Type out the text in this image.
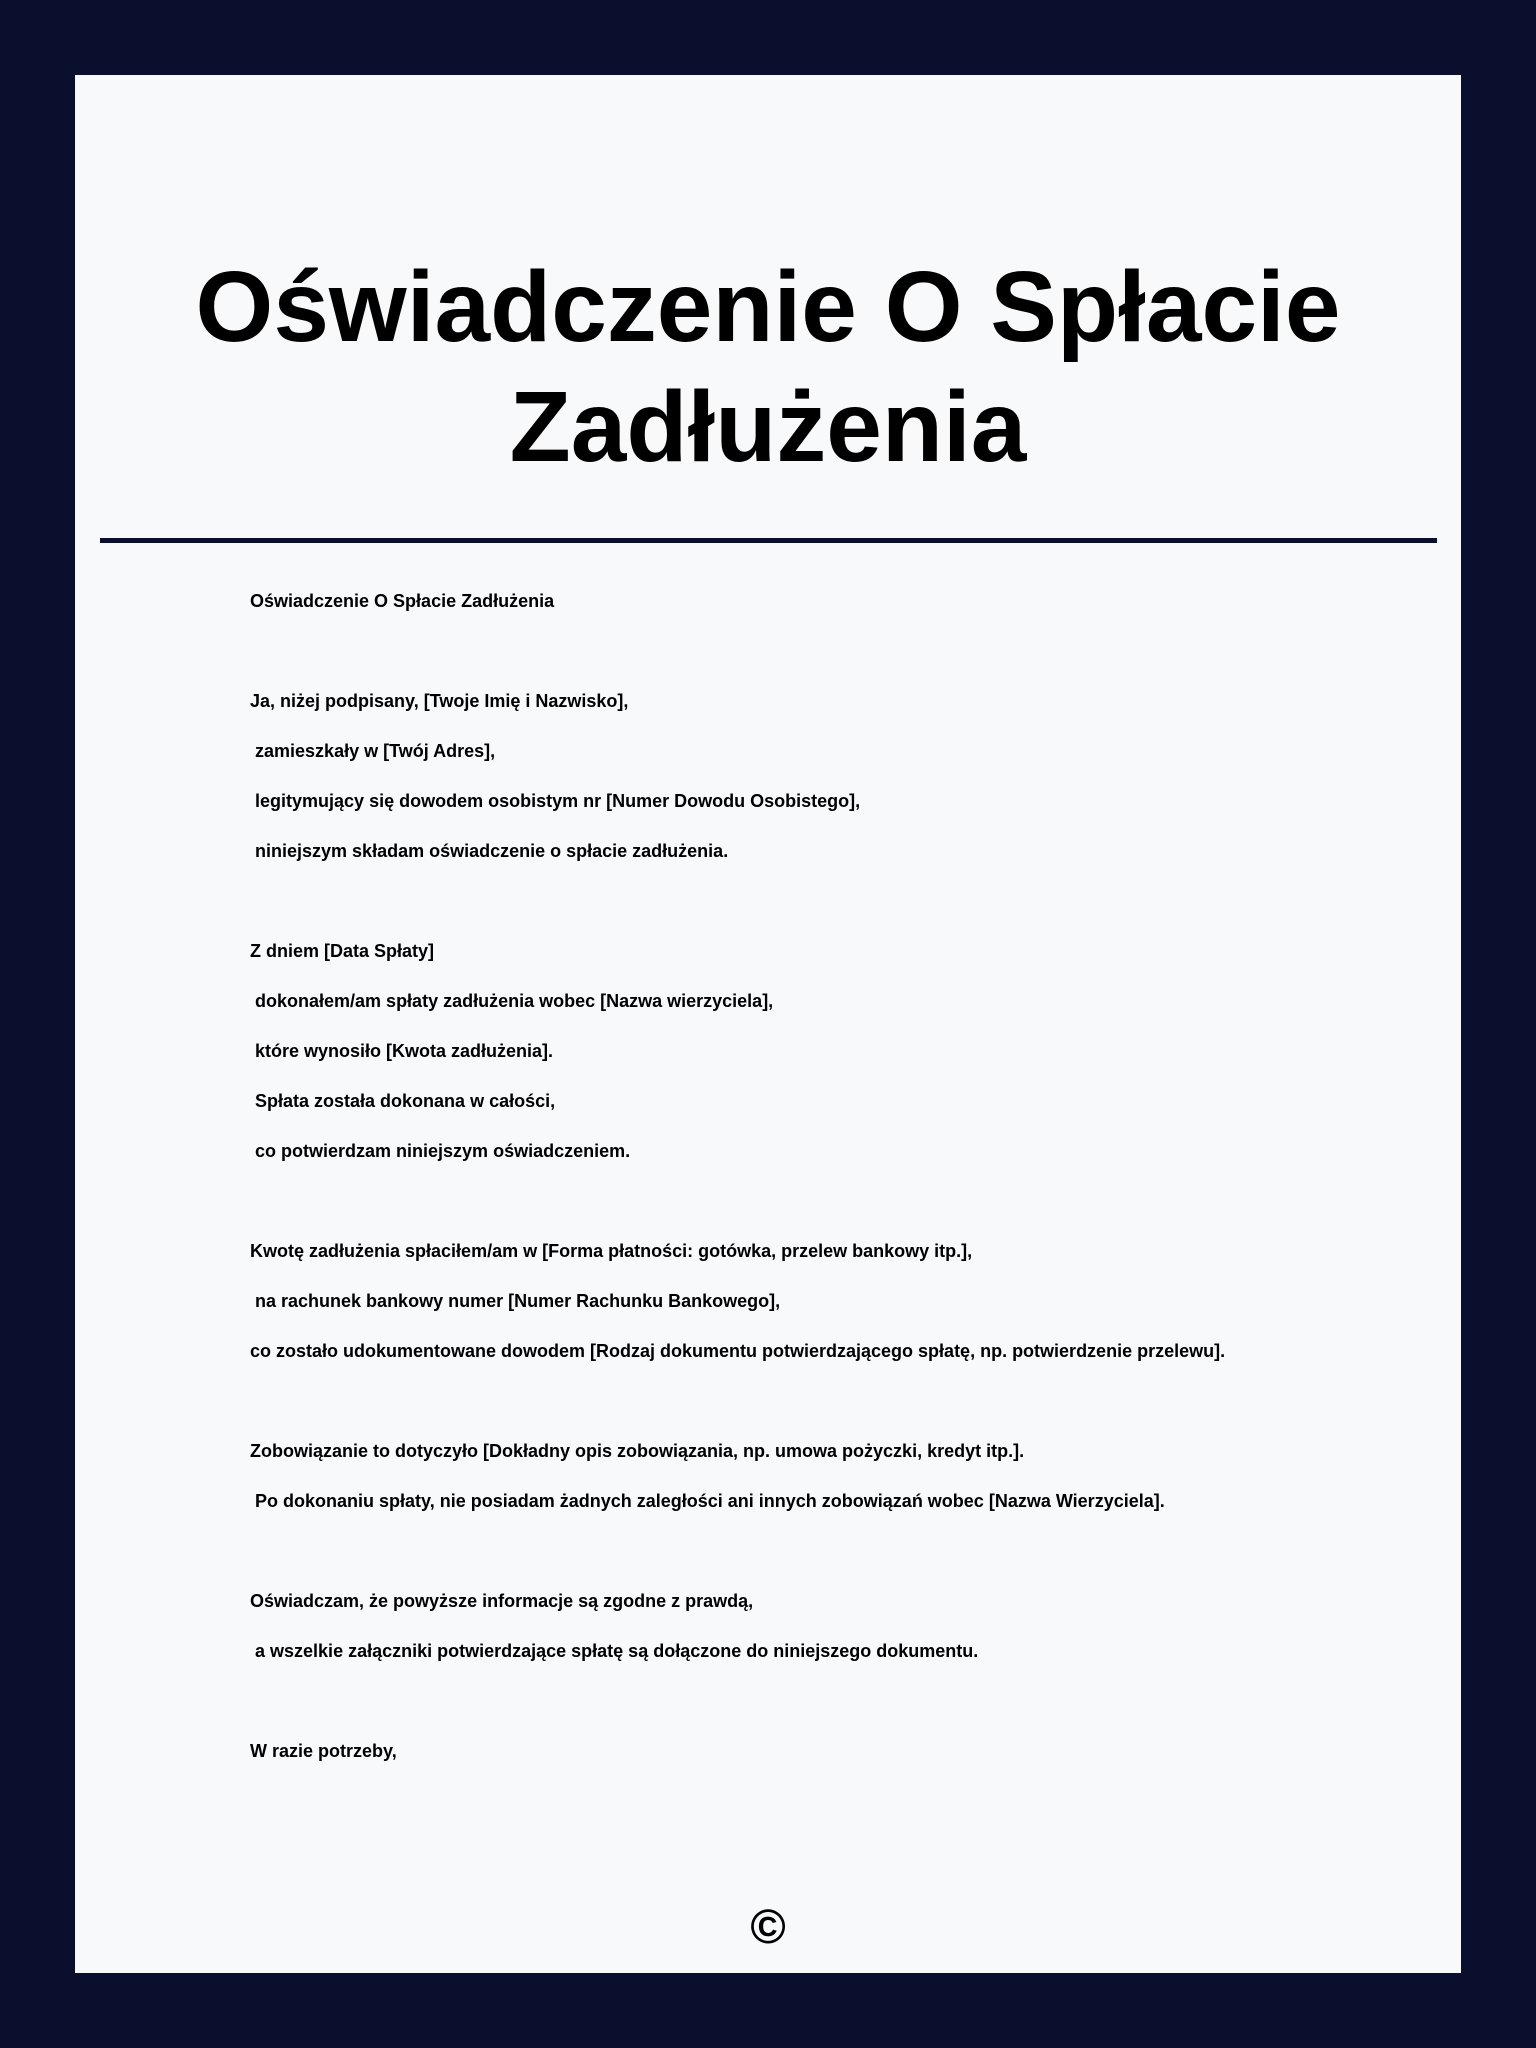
Oświadczenie O Spłacie Zadłużenia

Oświadczenie O Spłacie Zadłużenia

Ja, niżej podpisany, [Twoje Imię i Nazwisko],

zamieszkały w [Twój Adres],

legitymujący się dowodem osobistym nr [Numer Dowodu Osobistego],

niniejszym składam oświadczenie o spłacie zadłużenia.

Z dniem [Data Spłaty]

dokonałem/am spłaty zadłużenia wobec [Nazwa wierzyciela],

które wynosiło [Kwota zadłużenia].

Spłata została dokonana w całości,

co potwierdzam niniejszym oświadczeniem.

Kwotę zadłużenia spłaciłem/am w [Forma płatności: gotówka, przelew bankowy itp.],

na rachunek bankowy numer [Numer Rachunku Bankowego],

co zostało udokumentowane dowodem [Rodzaj dokumentu potwierdzającego spłatę, np. potwierdzenie przelewu].

Zobowiązanie to dotyczyło [Dokładny opis zobowiązania, np. umowa pożyczki, kredyt itp.].

Po dokonaniu spłaty, nie posiadam żadnych zaległości ani innych zobowiązań wobec [Nazwa Wierzyciela].

Oświadczam, że powyższe informacje są zgodne z prawdą,

a wszelkie załączniki potwierdzające spłatę są dołączone do niniejszego dokumentu.

W razie potrzeby,

©
